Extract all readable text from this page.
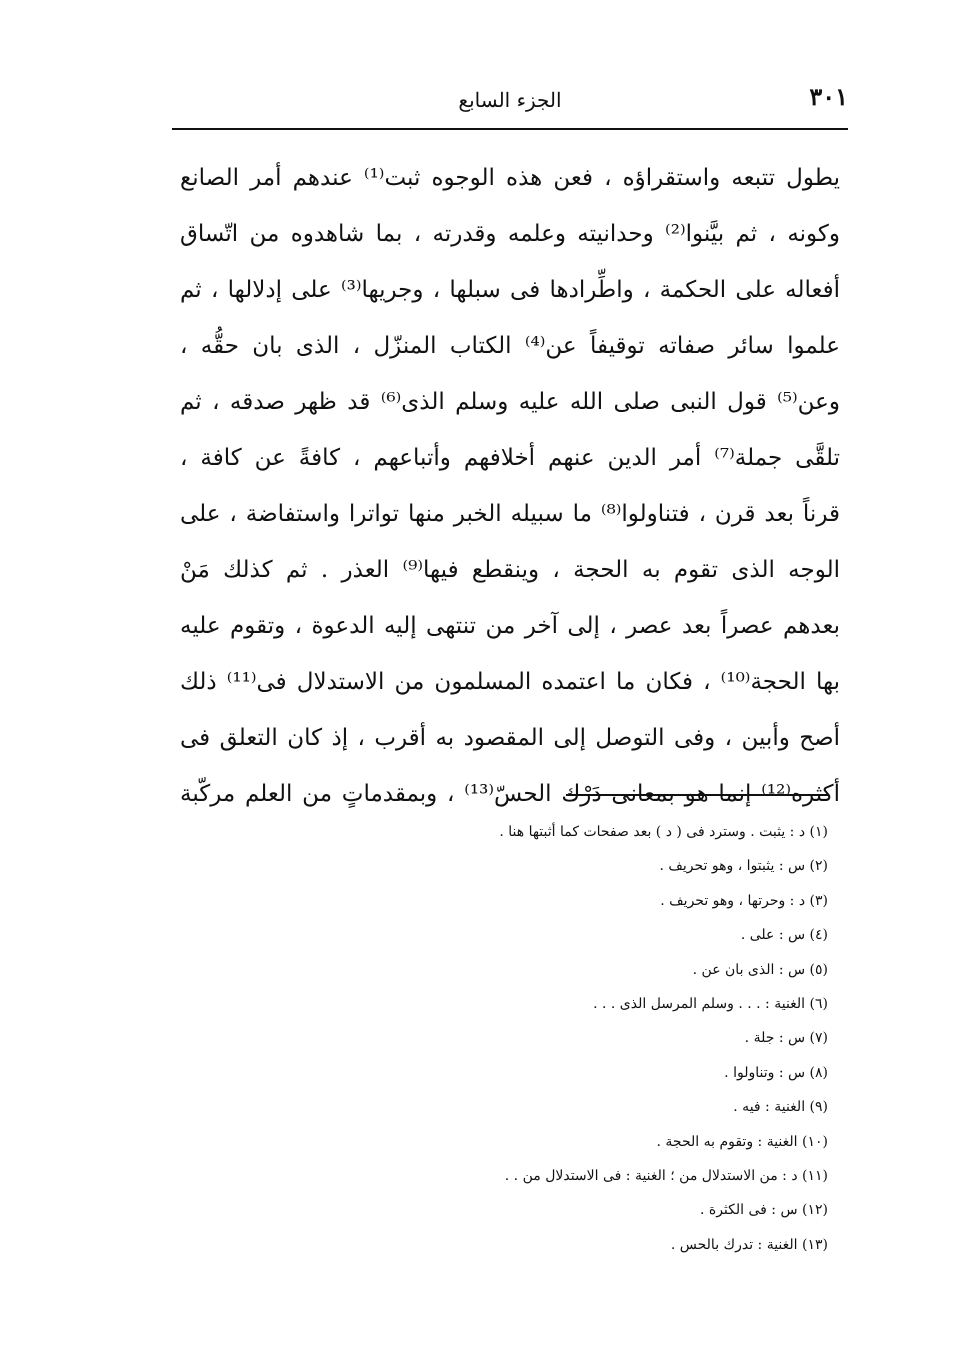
٣٠١
الجزء السابع
يطول تتبعه واستقراؤه ، فعن هذه الوجوه ثبت⁽¹⁾ عندهم أمر الصانع
وكونه ، ثم بيَّنوا⁽²⁾ وحدانيته وعلمه وقدرته ، بما شاهدوه من اتّساق
أفعاله على الحكمة ، واطِّرادها فى سبلها ، وجريها⁽³⁾ على إدلالها ، ثم
علموا سائر صفاته توقيفاً عن⁽⁴⁾ الكتاب المنزّل ، الذى بان حقُّه ،
وعن⁽⁵⁾ قول النبى صلى الله عليه وسلم الذى⁽⁶⁾ قد ظهر صدقه ، ثم
تلقَّى جملة⁽⁷⁾ أمر الدين عنهم أخلافهم وأتباعهم ، كافةً عن كافة ،
قرناً بعد قرن ، فتناولوا⁽⁸⁾ ما سبيله الخبر منها تواترا واستفاضة ، على
الوجه الذى تقوم به الحجة ، وينقطع فيها⁽⁹⁾ العذر . ثم كذلك مَنْ
بعدهم عصراً بعد عصر ، إلى آخر من تنتهى إليه الدعوة ، وتقوم عليه
بها الحجة⁽¹⁰⁾ ، فكان ما اعتمده المسلمون من الاستدلال فى⁽¹¹⁾ ذلك
أصح وأبين ، وفى التوصل إلى المقصود به أقرب ، إذ كان التعلق فى
أكثره⁽¹²⁾ إنما هو بمعانى دَرْك الحسّ⁽¹³⁾ ، وبمقدماتٍ من العلم مركّبة
(١) د : يثبت . وسترد فى ( د ) بعد صفحات كما أثبتها هنا .
(٢) س : يثبتوا ، وهو تحريف .
(٣) د : وحرتها ، وهو تحريف .
(٤) س : على .
(٥) س : الذى بان عن .
(٦) الغنية : . . . وسلم المرسل الذى . . .
(٧) س : جلة .
(٨) س : وتناولوا .
(٩) الغنية : فيه .
(١٠) الغنية : وتقوم به الحجة .
(١١) د : من الاستدلال من ؛ الغنية : فى الاستدلال من . .
(١٢) س : فى الكثرة .
(١٣) الغنية : تدرك بالحس .
